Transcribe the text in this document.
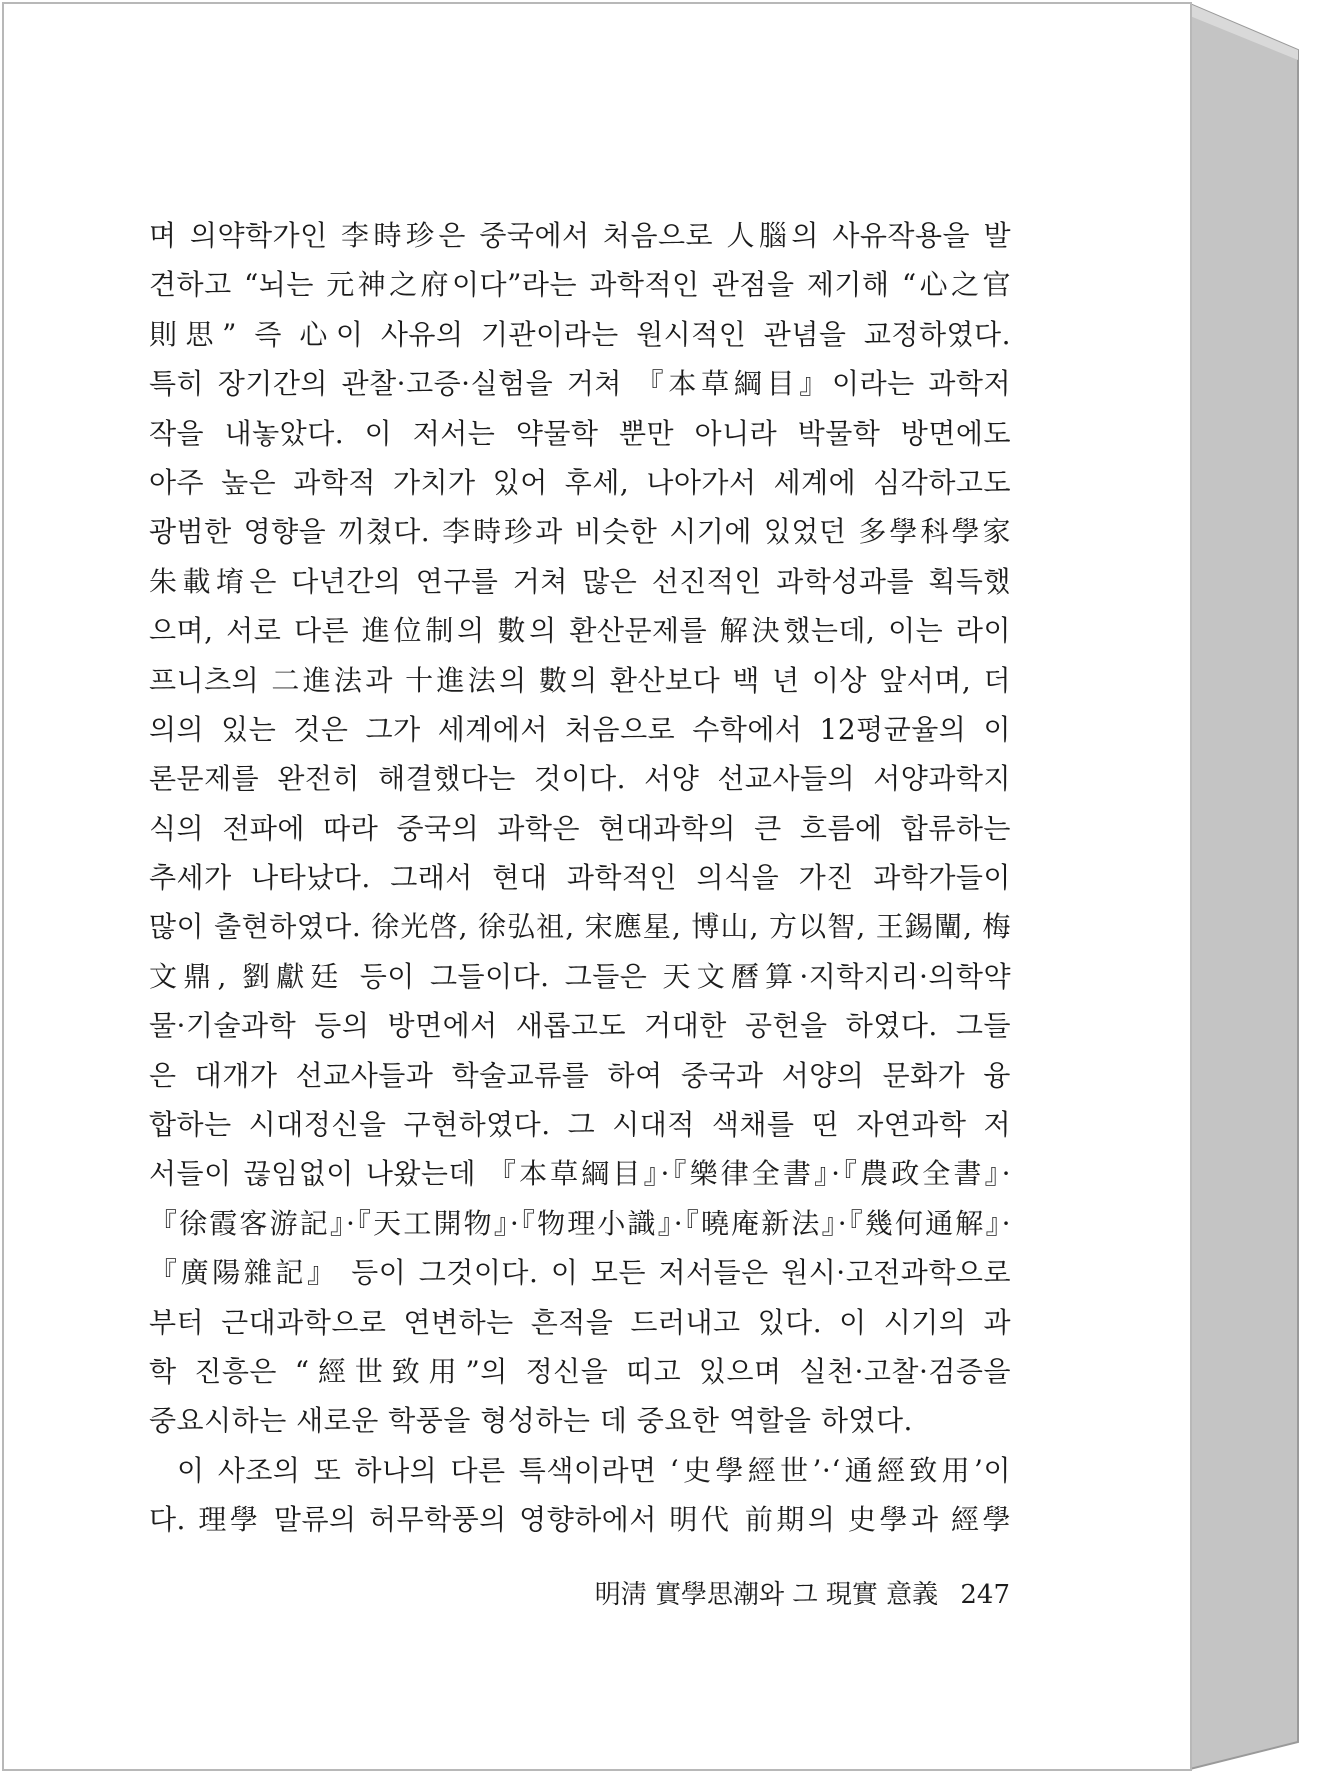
며 의약학가인 李時珍은 중국에서 처음으로 人腦의 사유작용을 발
견하고 “뇌는 元神之府이다”라는 과학적인 관점을 제기해 “心之官
則思” 즉 心이 사유의 기관이라는 원시적인 관념을 교정하였다.
특히 장기간의 관찰·고증·실험을 거쳐 『本草綱目』이라는 과학저
작을 내놓았다. 이 저서는 약물학 뿐만 아니라 박물학 방면에도
아주 높은 과학적 가치가 있어 후세, 나아가서 세계에 심각하고도
광범한 영향을 끼쳤다. 李時珍과 비슷한 시기에 있었던 多學科學家
朱載堉은 다년간의 연구를 거쳐 많은 선진적인 과학성과를 획득했
으며, 서로 다른 進位制의 數의 환산문제를 解決했는데, 이는 라이
프니츠의 二進法과 十進法의 數의 환산보다 백 년 이상 앞서며, 더
의의 있는 것은 그가 세계에서 처음으로 수학에서 12평균율의 이
론문제를 완전히 해결했다는 것이다. 서양 선교사들의 서양과학지
식의 전파에 따라 중국의 과학은 현대과학의 큰 흐름에 합류하는
추세가 나타났다. 그래서 현대 과학적인 의식을 가진 과학가들이
많이 출현하였다. 徐光啓, 徐弘祖, 宋應星, 博山, 方以智, 王錫闡, 梅
文鼎, 劉獻廷 등이 그들이다. 그들은 天文曆算·지학지리·의학약
물·기술과학 등의 방면에서 새롭고도 거대한 공헌을 하였다. 그들
은 대개가 선교사들과 학술교류를 하여 중국과 서양의 문화가 융
합하는 시대정신을 구현하였다. 그 시대적 색채를 띤 자연과학 저
서들이 끊임없이 나왔는데 『本草綱目』·『樂律全書』·『農政全書』·
『徐霞客游記』·『天工開物』·『物理小識』·『曉庵新法』·『幾何通解』·
『廣陽雜記』 등이 그것이다. 이 모든 저서들은 원시·고전과학으로
부터 근대과학으로 연변하는 흔적을 드러내고 있다. 이 시기의 과
학 진흥은 “經世致用”의 정신을 띠고 있으며 실천·고찰·검증을
중요시하는 새로운 학풍을 형성하는 데 중요한 역할을 하였다.
이 사조의 또 하나의 다른 특색이라면 ‘史學經世’·‘通經致用’이
다. 理學 말류의 허무학풍의 영향하에서 明代 前期의 史學과 經學
明淸 實學思潮와 그 現實 意義 247
